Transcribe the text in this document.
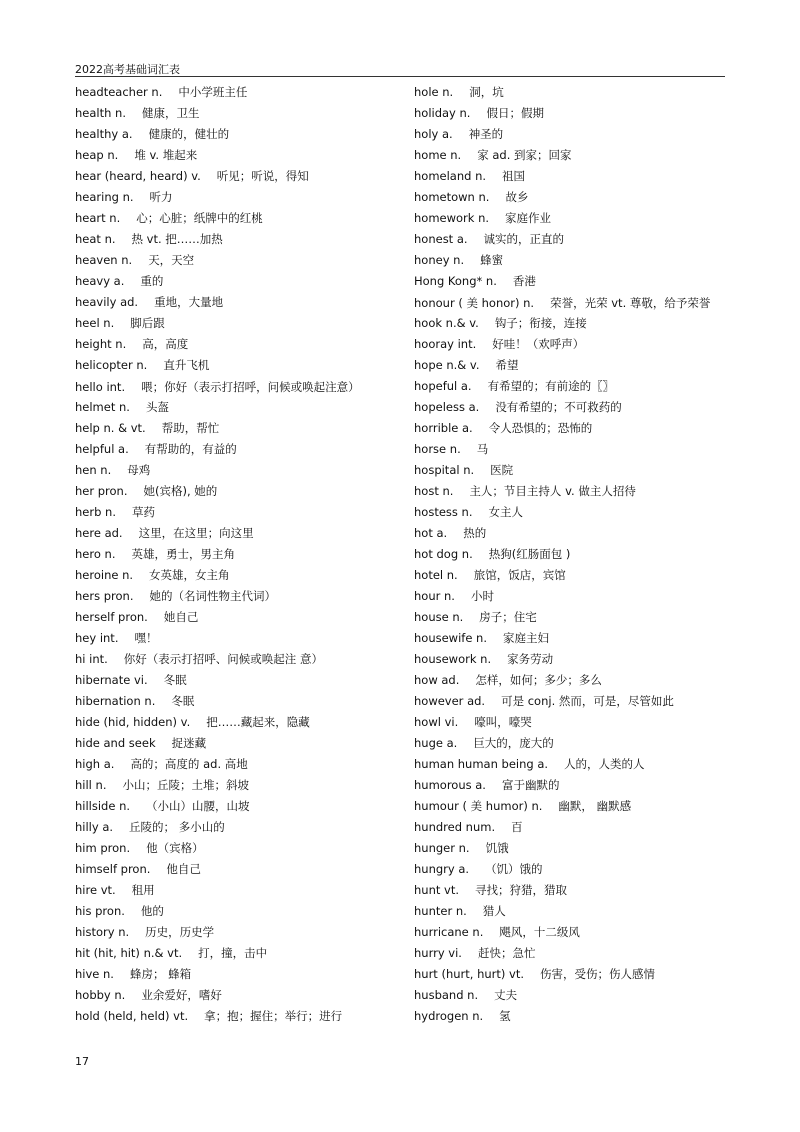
2022高考基础词汇表
headteacher n. 中小学班主任
health n. 健康，卫生
healthy a. 健康的，健壮的
heap n. 堆 v. 堆起来
hear (heard, heard) v. 听见；听说，得知
hearing n. 听力
heart n. 心；心脏；纸牌中的红桃
heat n. 热 vt. 把……加热
heaven n. 天，天空
heavy a. 重的
heavily ad. 重地，大量地
heel n. 脚后跟
height n. 高，高度
helicopter n. 直升飞机
hello int. 喂；你好（表示打招呼，问候或唤起注意）
helmet n. 头盔
help n. & vt. 帮助，帮忙
helpful a. 有帮助的，有益的
hen n. 母鸡
her pron. 她(宾格), 她的
herb n. 草药
here ad. 这里，在这里；向这里
hero n. 英雄，勇士，男主角
heroine n. 女英雄，女主角
hers pron. 她的（名词性物主代词）
herself pron. 她自己
hey int. 嘿！
hi int. 你好（表示打招呼、问候或唤起注 意）
hibernate vi. 冬眠
hibernation n. 冬眠
hide (hid, hidden) v. 把……藏起来，隐藏
hide and seek 捉迷藏
high a. 高的；高度的 ad. 高地
hill n. 小山；丘陵；土堆；斜坡
hillside n. （小山）山腰，山坡
hilly a. 丘陵的； 多小山的
him pron. 他（宾格）
himself pron. 他自己
hire vt. 租用
his pron. 他的
history n. 历史，历史学
hit (hit, hit) n.& vt. 打，撞，击中
hive n. 蜂房； 蜂箱
hobby n. 业余爱好，嗜好
hold (held, held) vt. 拿；抱；握住；举行；进行
hole n. 洞，坑
holiday n. 假日；假期
holy a. 神圣的
home n. 家 ad. 到家；回家
homeland n. 祖国
hometown n. 故乡
homework n. 家庭作业
honest a. 诚实的，正直的
honey n. 蜂蜜
Hong Kong* n. 香港
honour ( 美 honor) n. 荣誉，光荣 vt. 尊敬，给予荣誉
hook n.& v. 钩子；衔接，连接
hooray int. 好哇！（欢呼声）
hope n.& v. 希望
hopeful a. 有希望的；有前途的〖〗
hopeless a. 没有希望的；不可救药的
horrible a. 令人恐惧的；恐怖的
horse n. 马
hospital n. 医院
host n. 主人；节目主持人 v. 做主人招待
hostess n. 女主人
hot a. 热的
hot dog n. 热狗(红肠面包 )
hotel n. 旅馆，饭店，宾馆
hour n. 小时
house n. 房子；住宅
housewife n. 家庭主妇
housework n. 家务劳动
how ad. 怎样，如何；多少；多么
however ad. 可是 conj. 然而，可是，尽管如此
howl vi. 嚎叫，嚎哭
huge a. 巨大的，庞大的
human human being a. 人的，人类的人
humorous a. 富于幽默的
humour ( 美 humor) n. 幽默， 幽默感
hundred num. 百
hunger n. 饥饿
hungry a. （饥）饿的
hunt vt. 寻找；狩猎，猎取
hunter n. 猎人
hurricane n. 飓风，十二级风
hurry vi. 赶快；急忙
hurt (hurt, hurt) vt. 伤害，受伤；伤人感情
husband n. 丈夫
hydrogen n. 氢
17
